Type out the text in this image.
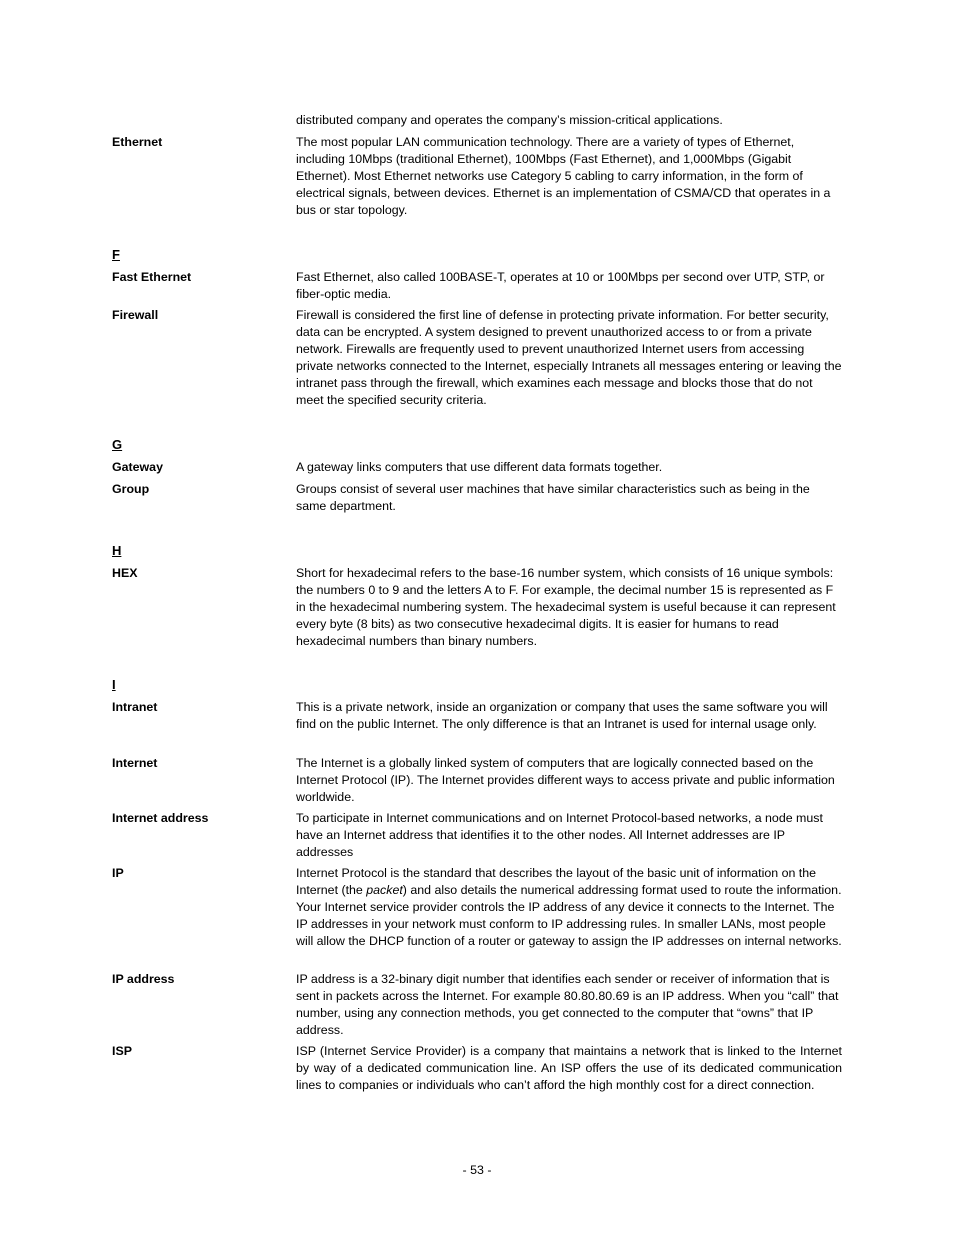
distributed company and operates the company’s mission-critical applications.
Ethernet	The most popular LAN communication technology. There are a variety of types of Ethernet, including 10Mbps (traditional Ethernet), 100Mbps (Fast Ethernet), and 1,000Mbps (Gigabit Ethernet). Most Ethernet networks use Category 5 cabling to carry information, in the form of electrical signals, between devices. Ethernet is an implementation of CSMA/CD that operates in a bus or star topology.
F
Fast Ethernet	Fast Ethernet, also called 100BASE-T, operates at 10 or 100Mbps per second over UTP, STP, or fiber-optic media.
Firewall	Firewall is considered the first line of defense in protecting private information. For better security, data can be encrypted. A system designed to prevent unauthorized access to or from a private network. Firewalls are frequently used to prevent unauthorized Internet users from accessing private networks connected to the Internet, especially Intranets all messages entering or leaving the intranet pass through the firewall, which examines each message and blocks those that do not meet the specified security criteria.
G
Gateway	A gateway links computers that use different data formats together.
Group	Groups consist of several user machines that have similar characteristics such as being in the same department.
H
HEX	Short for hexadecimal refers to the base-16 number system, which consists of 16 unique symbols: the numbers 0 to 9 and the letters A to F. For example, the decimal number 15 is represented as F in the hexadecimal numbering system. The hexadecimal system is useful because it can represent every byte (8 bits) as two consecutive hexadecimal digits. It is easier for humans to read hexadecimal numbers than binary numbers.
I
Intranet	This is a private network, inside an organization or company that uses the same software you will find on the public Internet. The only difference is that an Intranet is used for internal usage only.
Internet	The Internet is a globally linked system of computers that are logically connected based on the Internet Protocol (IP). The Internet provides different ways to access private and public information worldwide.
Internet address	To participate in Internet communications and on Internet Protocol-based networks, a node must have an Internet address that identifies it to the other nodes. All Internet addresses are IP addresses
IP	Internet Protocol is the standard that describes the layout of the basic unit of information on the Internet (the packet) and also details the numerical addressing format used to route the information. Your Internet service provider controls the IP address of any device it connects to the Internet. The IP addresses in your network must conform to IP addressing rules. In smaller LANs, most people will allow the DHCP function of a router or gateway to assign the IP addresses on internal networks.
IP address	IP address is a 32-binary digit number that identifies each sender or receiver of information that is sent in packets across the Internet. For example 80.80.80.69 is an IP address. When you “call” that number, using any connection methods, you get connected to the computer that “owns” that IP address.
ISP	ISP (Internet Service Provider) is a company that maintains a network that is linked to the Internet by way of a dedicated communication line. An ISP offers the use of its dedicated communication lines to companies or individuals who can’t afford the high monthly cost for a direct connection.
- 53 -
